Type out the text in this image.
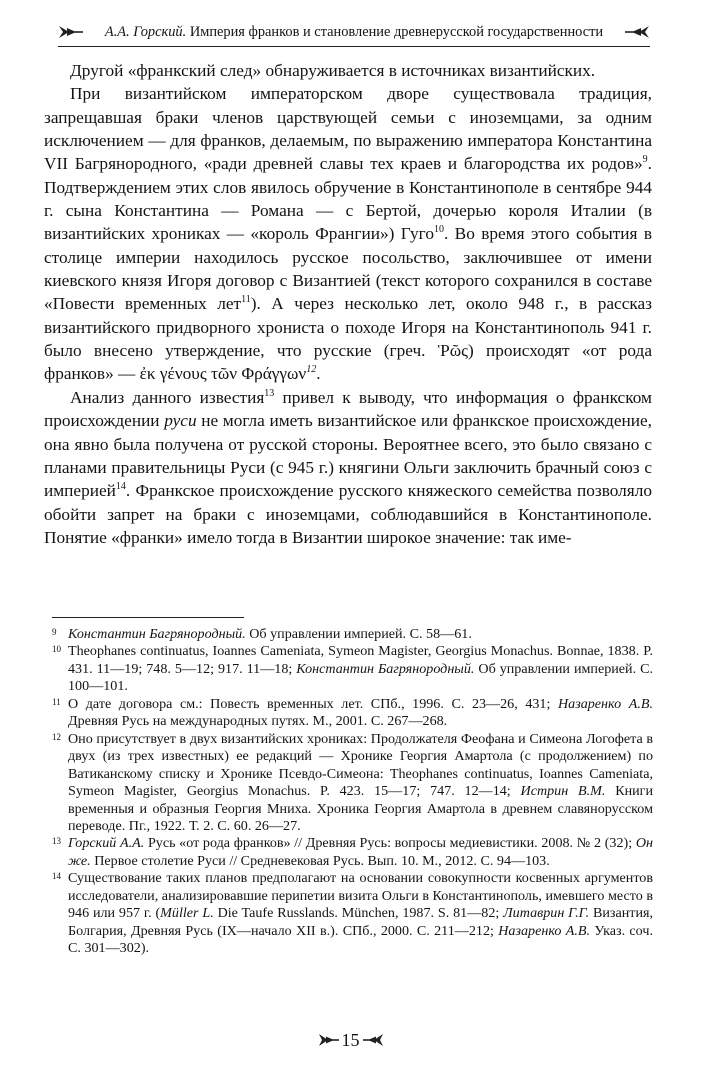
А.А. Горский. Империя франков и становление древнерусской государственности

Другой «франкский след» обнаруживается в источниках византийских.

При византийском императорском дворе существовала традиция, запрещавшая браки членов царствующей семьи с иноземцами, за одним исключением — для франков, делаемым, по выражению императора Константина VII Багрянородного, «ради древней славы тех краев и благородства их родов»$^9$. Подтверждением этих слов явилось обручение в Константинополе в сентябре 944 г. сына Константина — Романа — с Бертой, дочерью короля Италии (в византийских хрониках — «король Франгии») Гуго$^{10}$. Во время этого события в столице империи находилось русское посольство, заключившее от имени киевского князя Игоря договор с Византией (текст которого сохранился в составе «Повести временных лет$^{11}$). А через несколько лет, около 948 г., в рассказ византийского придворного хрониста о походе Игоря на Константинополь 941 г. было внесено утверждение, что русские (греч. Ῥῶς) происходят «от рода франков» — ἐκ γένους τῶν Φράγγων$^{12}$.

Анализ данного известия$^{13}$ привел к выводу, что информация о франкском происхождении руси не могла иметь византийское или франкское происхождение, она явно была получена от русской стороны. Вероятнее всего, это было связано с планами правительницы Руси (с 945 г.) княгини Ольги заключить брачный союз с империей$^{14}$. Франкское происхождение русского княжеского семейства позволяло обойти запрет на браки с иноземцами, соблюдавшийся в Константинополе. Понятие «франки» имело тогда в Византии широкое значение: так име-

9 Константин Багрянородный. Об управлении империей. С. 58—61.

10 Theophanes continuatus, Ioannes Cameniata, Symeon Magister, Georgius Monachus. Bonnae, 1838. P. 431. 11—19; 748. 5—12; 917. 11—18; Константин Багрянородный. Об управлении империей. С. 100—101.

11 О дате договора см.: Повесть временных лет. СПб., 1996. С. 23—26, 431; Назаренко А.В. Древняя Русь на международных путях. М., 2001. С. 267—268.

12 Оно присутствует в двух византийских хрониках: Продолжателя Феофана и Симеона Логофета в двух (из трех известных) ее редакций — Хронике Георгия Амартола (с продолжением) по Ватиканскому списку и Хронике Псевдо-Симеона: Theophanes continuatus, Ioannes Cameniata, Symeon Magister, Georgius Monachus. P. 423. 15—17; 747. 12—14; Истрин В.М. Книги временныя и образныя Георгия Мниха. Хроника Георгия Амартола в древнем славянорусском переводе. Пг., 1922. Т. 2. С. 60. 26—27.

13 Горский А.А. Русь «от рода франков» // Древняя Русь: вопросы медиевистики. 2008. № 2 (32); Он же. Первое столетие Руси // Средневековая Русь. Вып. 10. М., 2012. С. 94—103.

14 Существование таких планов предполагают на основании совокупности косвенных аргументов исследователи, анализировавшие перипетии визита Ольги в Константинополь, имевшего место в 946 или 957 г. (Müller L. Die Taufe Russlands. München, 1987. S. 81—82; Литаврин Г.Г. Византия, Болгария, Древняя Русь (IX—начало XII в.). СПб., 2000. С. 211—212; Назаренко А.В. Указ. соч. С. 301—302).

15
